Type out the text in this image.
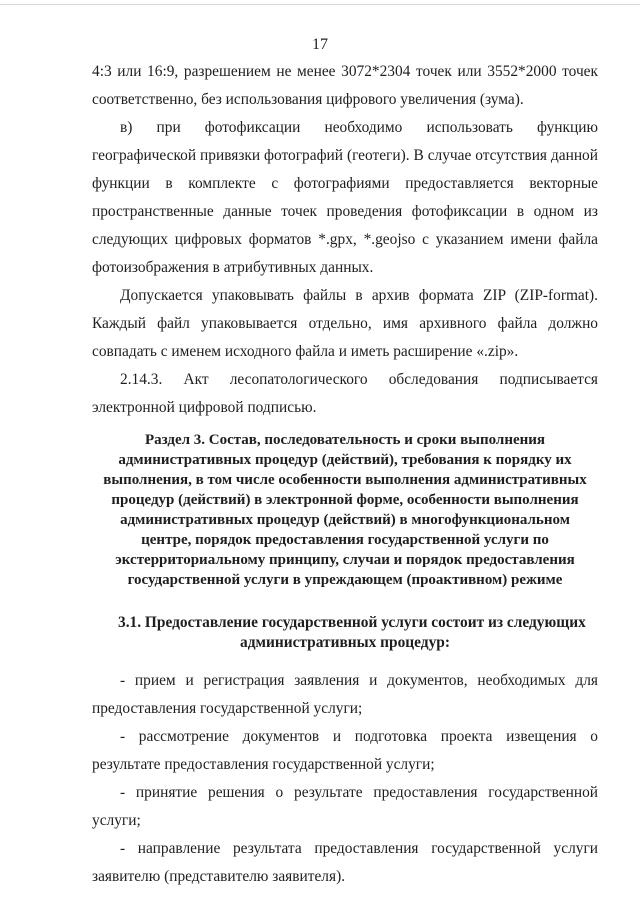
17
4:3 или 16:9, разрешением не менее 3072*2304 точек или 3552*2000 точек
соответственно, без использования цифрового увеличения (зума).
в) при фотофиксации необходимо использовать функцию
географической привязки фотографий (геотеги). В случае отсутствия данной
функции в комплекте с фотографиями предоставляется векторные
пространственные данные точек проведения фотофиксации в одном из
следующих цифровых форматов *.gpx, *.geojso с указанием имени файла
фотоизображения в атрибутивных данных.
Допускается упаковывать файлы в архив формата ZIP (ZIP-format).
Каждый файл упаковывается отдельно, имя архивного файла должно
совпадать с именем исходного файла и иметь расширение «.zip».
2.14.3. Акт лесопатологического обследования подписывается
электронной цифровой подписью.
Раздел 3. Состав, последовательность и сроки выполнения
административных процедур (действий), требования к порядку их
выполнения, в том числе особенности выполнения административных
процедур (действий) в электронной форме, особенности выполнения
административных процедур (действий) в многофункциональном
центре, порядок предоставления государственной услуги по
экстерриториальному принципу, случаи и порядок предоставления
государственной услуги в упреждающем (проактивном) режиме
3.1. Предоставление государственной услуги состоит из следующих
административных процедур:
- прием и регистрация заявления и документов, необходимых для
предоставления государственной услуги;
- рассмотрение документов и подготовка проекта извещения о
результате предоставления государственной услуги;
- принятие решения о результате предоставления государственной
услуги;
- направление результата предоставления государственной услуги
заявителю (представителю заявителя).
